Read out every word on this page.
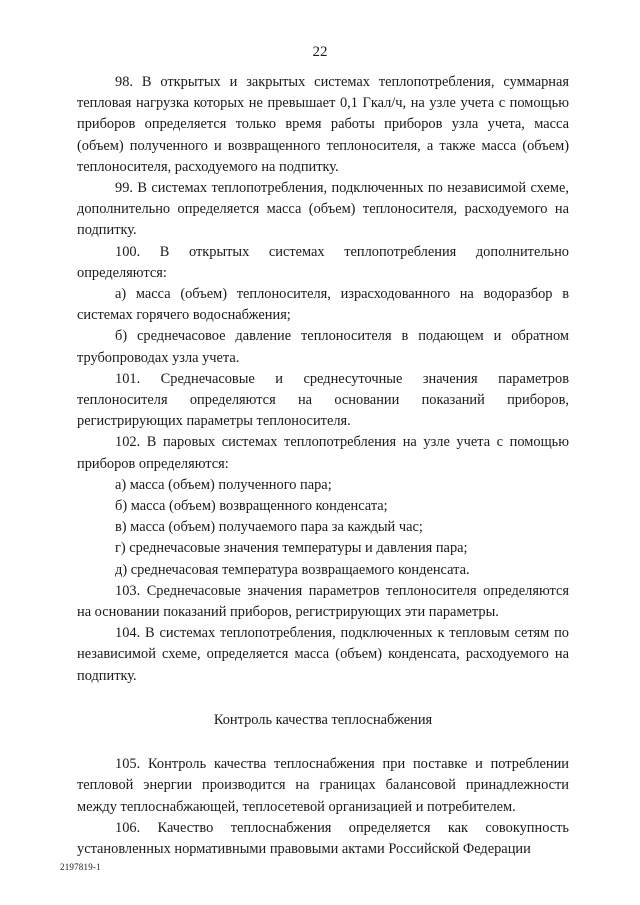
22

98. В открытых и закрытых системах теплопотребления, суммарная тепловая нагрузка которых не превышает 0,1 Гкал/ч, на узле учета с помощью приборов определяется только время работы приборов узла учета, масса (объем) полученного и возвращенного теплоносителя, а также масса (объем) теплоносителя, расходуемого на подпитку.

99. В системах теплопотребления, подключенных по независимой схеме, дополнительно определяется масса (объем) теплоносителя, расходуемого на подпитку.

100. В открытых системах теплопотребления дополнительно определяются:

а) масса (объем) теплоносителя, израсходованного на водоразбор в системах горячего водоснабжения;

б) среднечасовое давление теплоносителя в подающем и обратном трубопроводах узла учета.

101. Среднечасовые и среднесуточные значения параметров теплоносителя определяются на основании показаний приборов, регистрирующих параметры теплоносителя.

102. В паровых системах теплопотребления на узле учета с помощью приборов определяются:

а) масса (объем) полученного пара;

б) масса (объем) возвращенного конденсата;

в) масса (объем) получаемого пара за каждый час;

г) среднечасовые значения температуры и давления пара;

д) среднечасовая температура возвращаемого конденсата.

103. Среднечасовые значения параметров теплоносителя определяются на основании показаний приборов, регистрирующих эти параметры.

104. В системах теплопотребления, подключенных к тепловым сетям по независимой схеме, определяется масса (объем) конденсата, расходуемого на подпитку.

Контроль качества теплоснабжения

105. Контроль качества теплоснабжения при поставке и потреблении тепловой энергии производится на границах балансовой принадлежности между теплоснабжающей, теплосетевой организацией и потребителем.

106. Качество теплоснабжения определяется как совокупность установленных нормативными правовыми актами Российской Федерации

2197819-1
